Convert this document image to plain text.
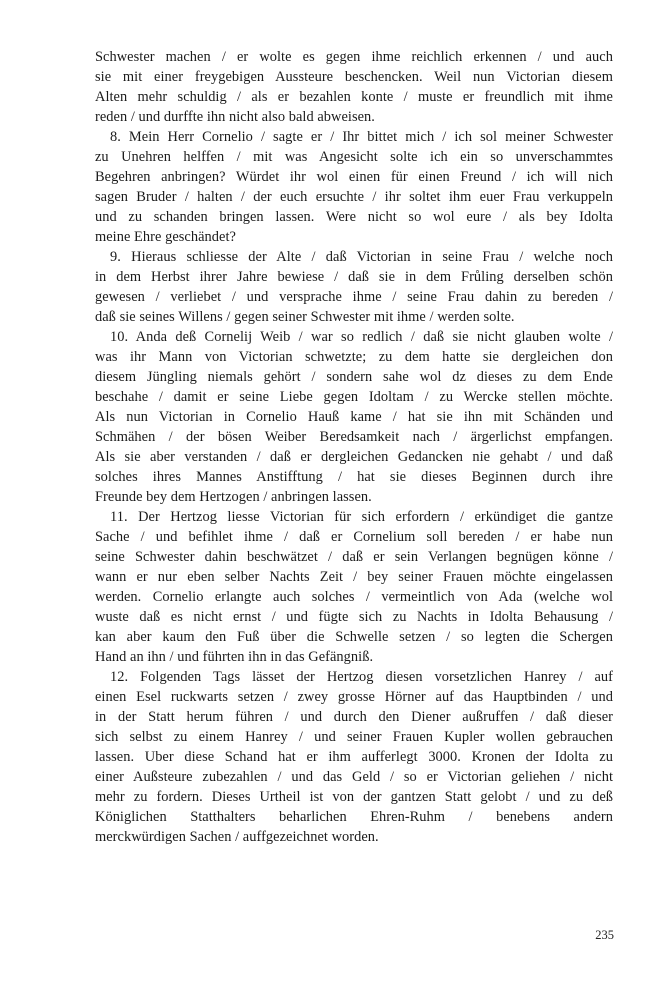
Schwester machen / er wolte es gegen ihme reichlich erkennen / und auch
sie mit einer freygebigen Aussteure beschencken. Weil nun Victorian diesem
Alten mehr schuldig / als er bezahlen konte / muste er freundlich mit ihme
reden / und durffte ihn nicht also bald abweisen.
8. Mein Herr Cornelio / sagte er / Ihr bittet mich / ich sol meiner Schwester
zu Unehren helffen / mit was Angesicht solte ich ein so unverschammtes
Begehren anbringen? Würdet ihr wol einen für einen Freund / ich will nich
sagen Bruder / halten / der euch ersuchte / ihr soltet ihm euer Frau verkuppeln
und zu schanden bringen lassen. Were nicht so wol eure / als bey Idolta
meine Ehre geschändet?
9. Hieraus schliesse der Alte / daß Victorian in seine Frau / welche noch
in dem Herbst ihrer Jahre bewiese / daß sie in dem Frůling derselben schön
gewesen / verliebet / und versprache ihme / seine Frau dahin zu bereden /
daß sie seines Willens / gegen seiner Schwester mit ihme / werden solte.
10. Anda deß Cornelij Weib / war so redlich / daß sie nicht glauben wolte /
was ihr Mann von Victorian schwetzte; zu dem hatte sie dergleichen don
diesem Jüngling niemals gehört / sondern sahe wol dz dieses zu dem Ende
beschahe / damit er seine Liebe gegen Idoltam / zu Wercke stellen möchte.
Als nun Victorian in Cornelio Hauß kame / hat sie ihn mit Schänden und
Schmähen / der bösen Weiber Beredsamkeit nach / ärgerlichst empfangen.
Als sie aber verstanden / daß er dergleichen Gedancken nie gehabt / und daß
solches ihres Mannes Anstifftung / hat sie dieses Beginnen durch ihre
Freunde bey dem Hertzogen / anbringen lassen.
11. Der Hertzog liesse Victorian für sich erfordern / erkündiget die gantze
Sache / und befihlet ihme / daß er Cornelium soll bereden / er habe nun
seine Schwester dahin beschwätzet / daß er sein Verlangen begnügen könne /
wann er nur eben selber Nachts Zeit / bey seiner Frauen möchte eingelassen
werden. Cornelio erlangte auch solches / vermeintlich von Ada (welche wol
wuste daß es nicht ernst / und fügte sich zu Nachts in Idolta Behausung /
kan aber kaum den Fuß über die Schwelle setzen / so legten die Schergen
Hand an ihn / und führten ihn in das Gefängniß.
12. Folgenden Tags lässet der Hertzog diesen vorsetzlichen Hanrey / auf
einen Esel ruckwarts setzen / zwey grosse Hörner auf das Hauptbinden / und
in der Statt herum führen / und durch den Diener außruffen / daß dieser
sich selbst zu einem Hanrey / und seiner Frauen Kupler wollen gebrauchen
lassen. Uber diese Schand hat er ihm aufferlegt 3000. Kronen der Idolta zu
einer Außsteure zubezahlen / und das Geld / so er Victorian geliehen / nicht
mehr zu fordern. Dieses Urtheil ist von der gantzen Statt gelobt / und zu deß
Königlichen Statthalters beharlichen Ehren-Ruhm / benebens andern
merckwürdigen Sachen / auffgezeichnet worden.
235
